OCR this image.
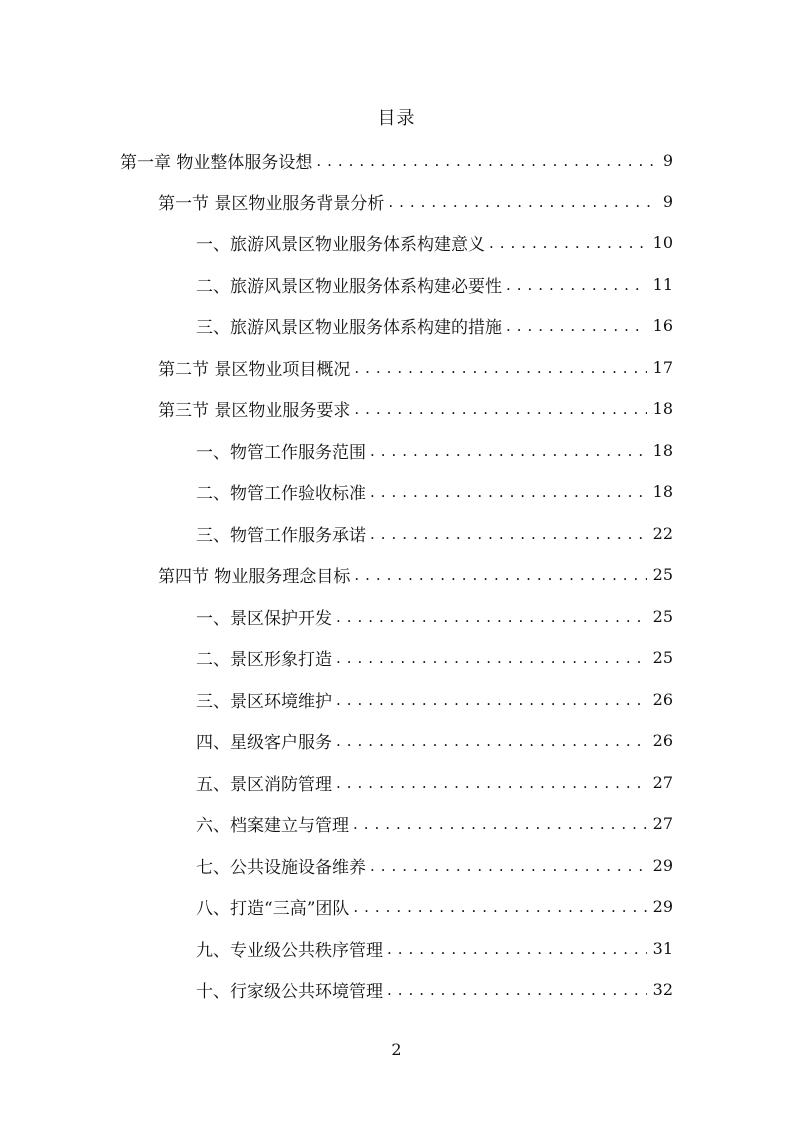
目录
第一章 物业整体服务设想 . . .	9
第一节 景区物业服务背景分析 . . .	9
一、旅游风景区物业服务体系构建意义 . . .	10
二、旅游风景区物业服务体系构建必要性 . . .	11
三、旅游风景区物业服务体系构建的措施 . . .	16
第二节 景区物业项目概况 . . .	17
第三节 景区物业服务要求 . . .	18
一、物管工作服务范围 . . .	18
二、物管工作验收标准 . . .	18
三、物管工作服务承诺 . . .	22
第四节 物业服务理念目标 . . .	25
一、景区保护开发 . . .	25
二、景区形象打造 . . .	25
三、景区环境维护 . . .	26
四、星级客户服务 . . .	26
五、景区消防管理 . . .	27
六、档案建立与管理 . . .	27
七、公共设施设备维养 . . .	29
八、打造“三高”团队 . . .	29
九、专业级公共秩序管理 . . .	31
十、行家级公共环境管理 . . .	32
2
